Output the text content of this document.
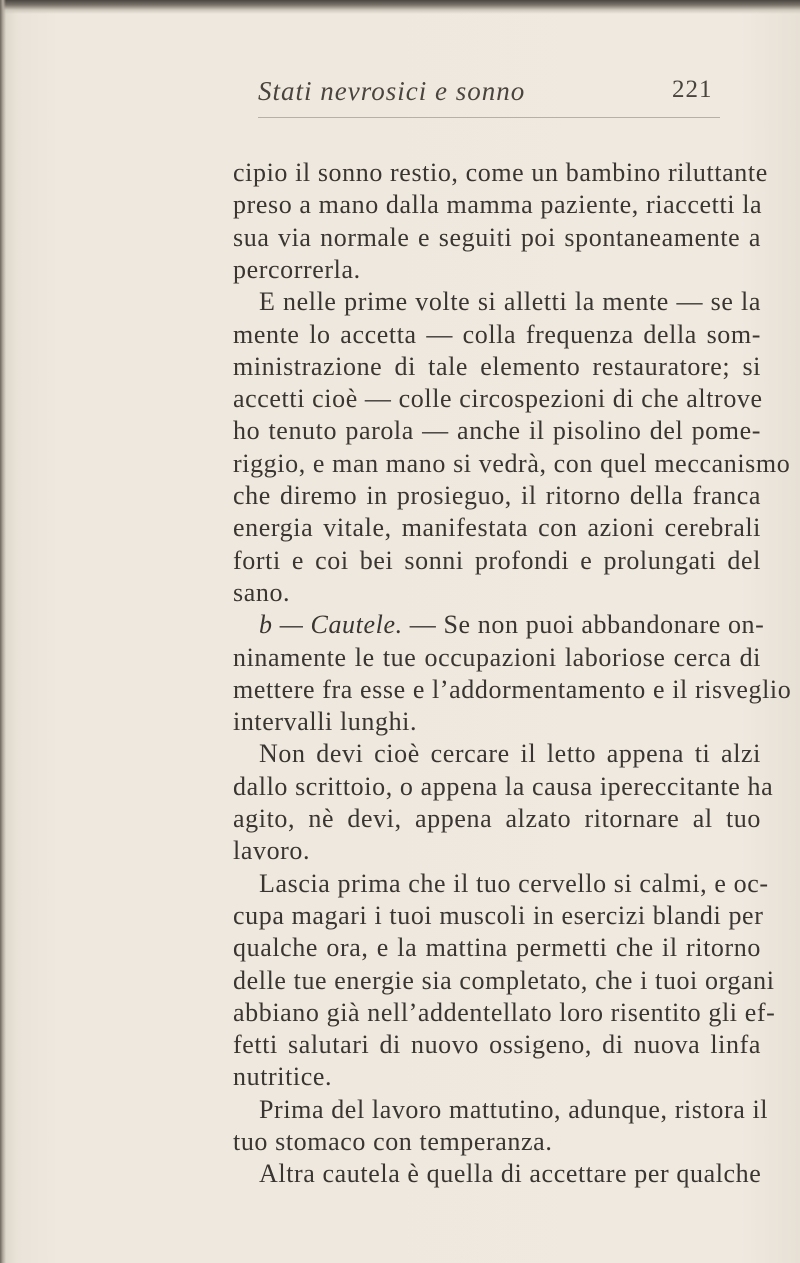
Stati nevrosici e sonno	221
cipio il sonno restio, come un bambino riluttante
preso a mano dalla mamma paziente, riaccetti la
sua via normale e seguiti poi spontaneamente a
percorrerla.
E nelle prime volte si alletti la mente — se la
mente lo accetta — colla frequenza della som-
ministrazione di tale elemento restauratore; si
accetti cioè — colle circospezioni di che altrove
ho tenuto parola — anche il pisolino del pome-
riggio, e man mano si vedrà, con quel meccanismo
che diremo in prosieguo, il ritorno della franca
energia vitale, manifestata con azioni cerebrali
forti e coi bei sonni profondi e prolungati del
sano.
b — Cautele. — Se non puoi abbandonare on-
ninamente le tue occupazioni laboriose cerca di
mettere fra esse e l’addormentamento e il risveglio
intervalli lunghi.
Non devi cioè cercare il letto appena ti alzi
dallo scrittoio, o appena la causa ipereccitante ha
agito, nè devi, appena alzato ritornare al tuo
lavoro.
Lascia prima che il tuo cervello si calmi, e oc-
cupa magari i tuoi muscoli in esercizi blandi per
qualche ora, e la mattina permetti che il ritorno
delle tue energie sia completato, che i tuoi organi
abbiano già nell’addentellato loro risentito gli ef-
fetti salutari di nuovo ossigeno, di nuova linfa
nutritice.
Prima del lavoro mattutino, adunque, ristora il
tuo stomaco con temperanza.
Altra cautela è quella di accettare per qualche
